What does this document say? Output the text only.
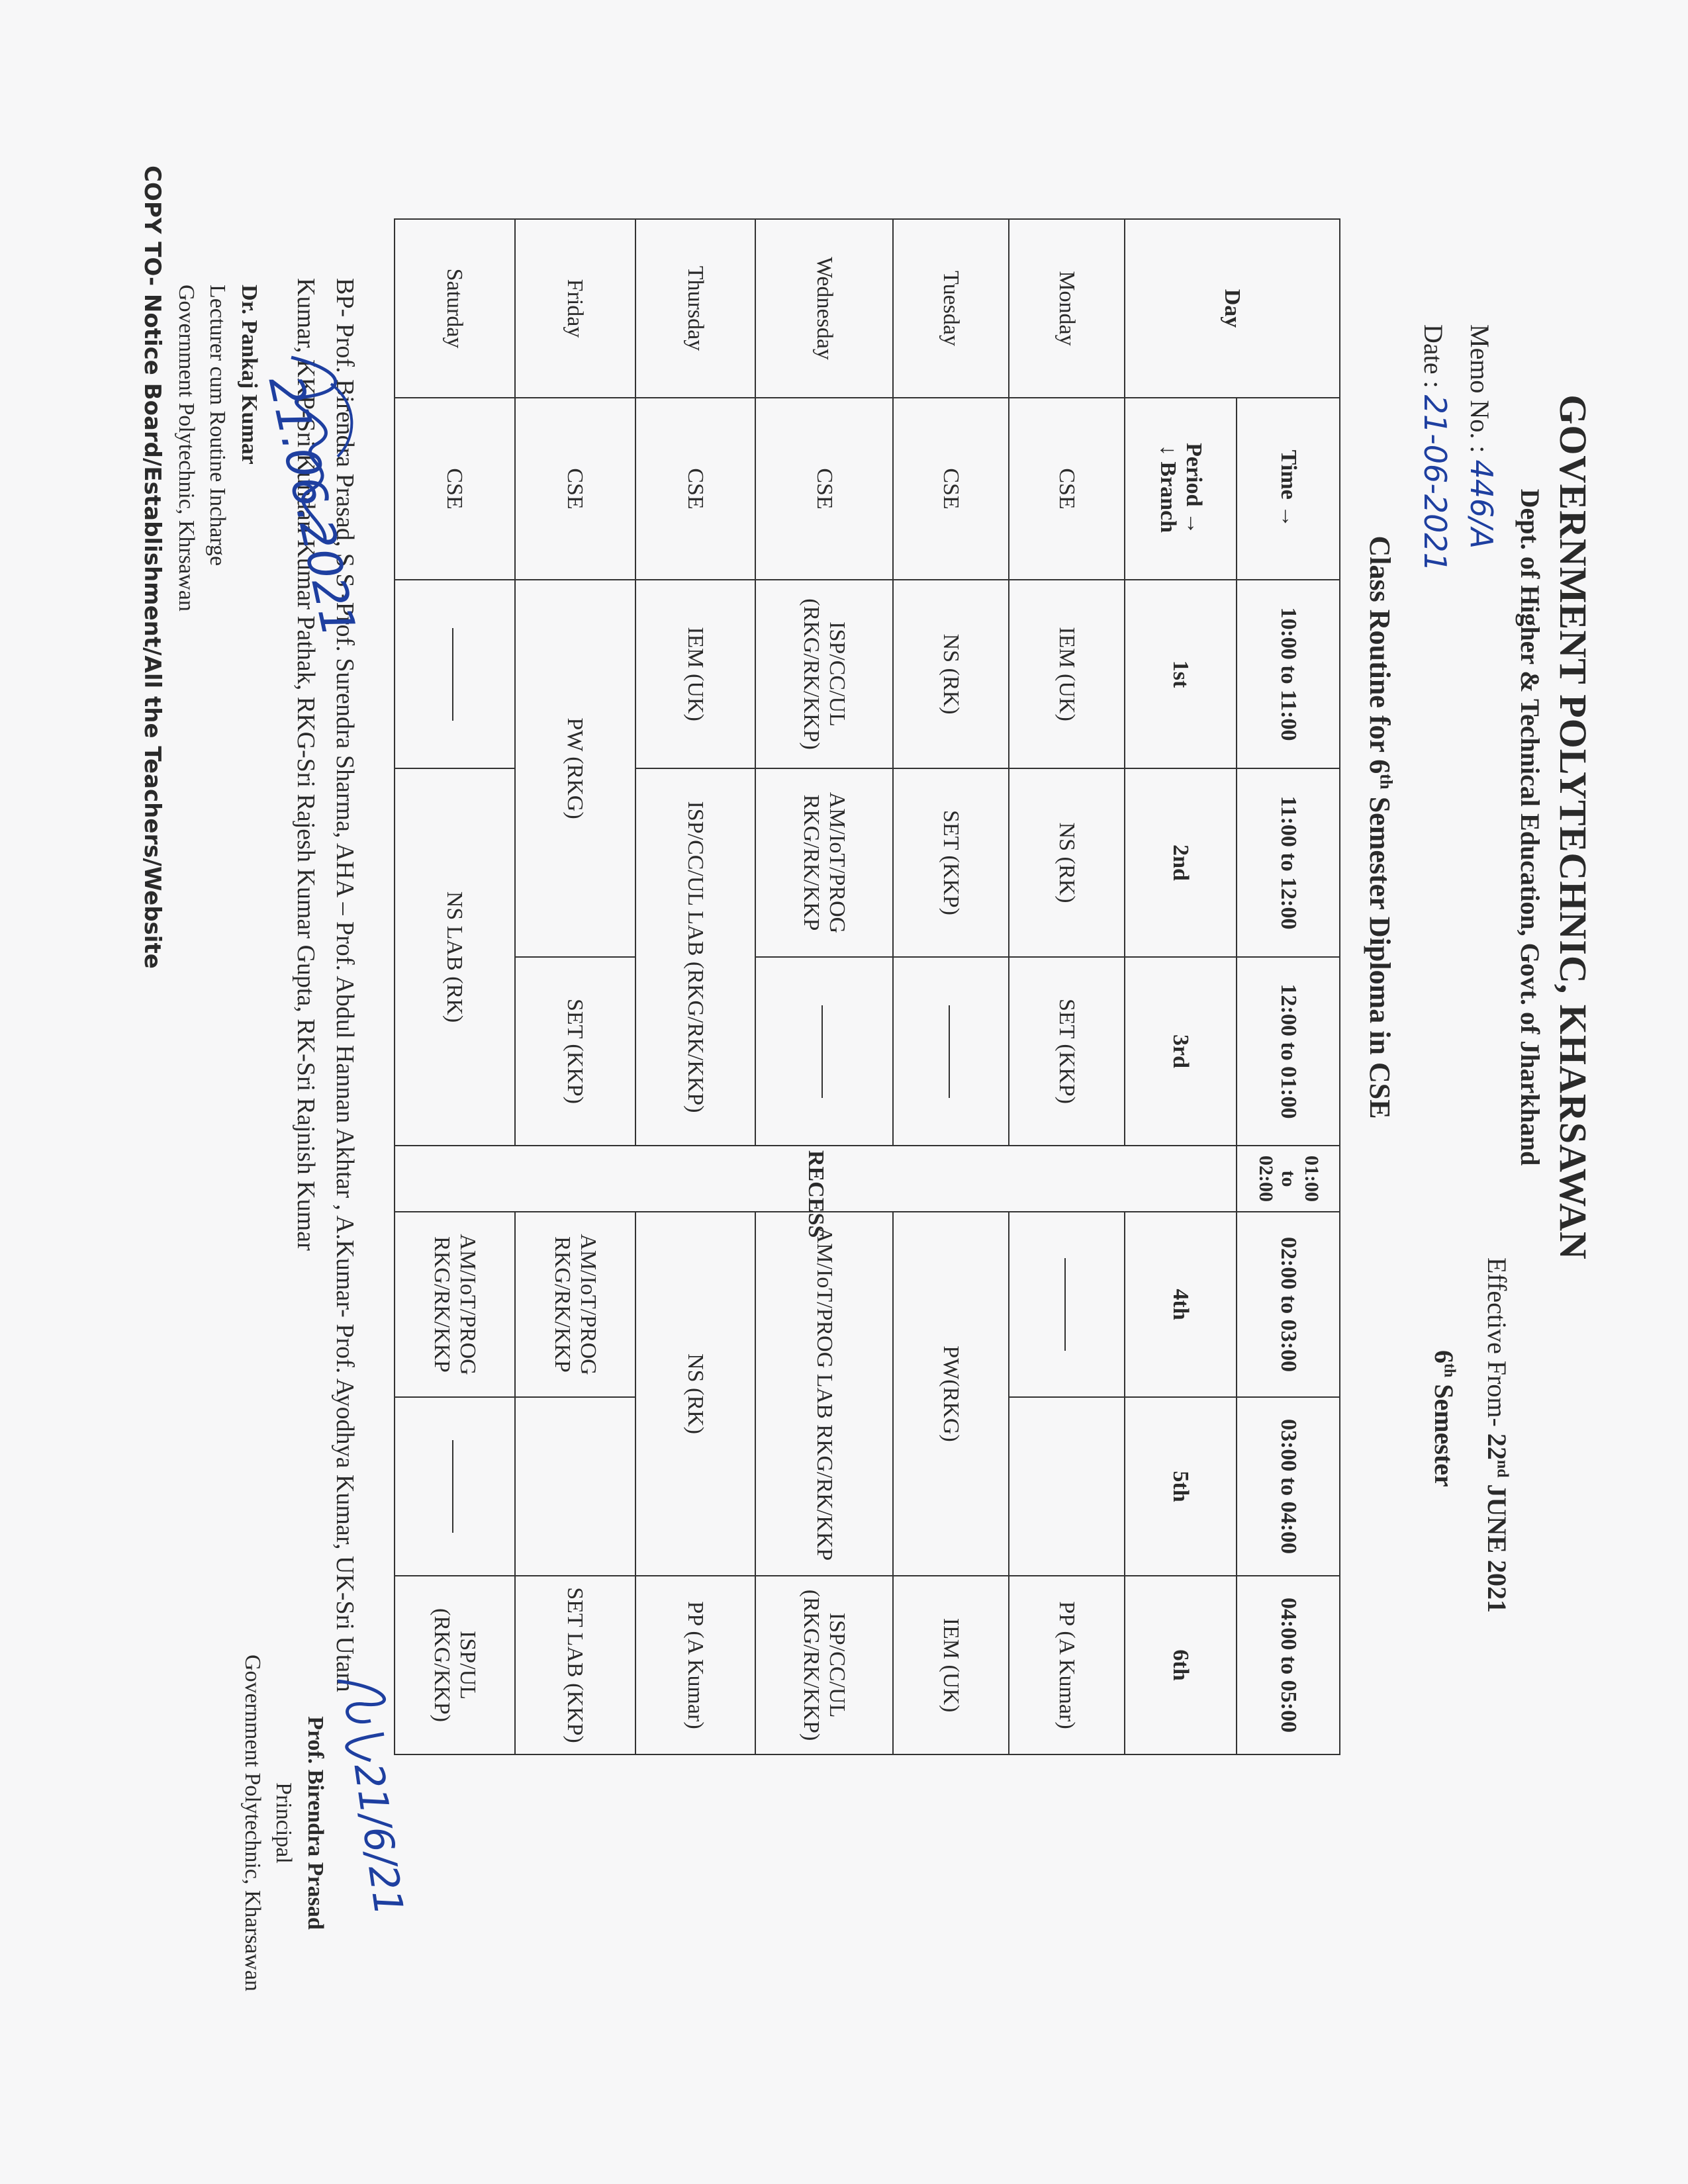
GOVERNMENT POLYTECHNIC, KHARSAWAN
Dept. of Higher & Technical Education, Govt. of Jharkhand
Memo No. : 446/A
Date : 21-06-2021
Effective From- 22nd JUNE 2021
6th Semester
Class Routine for 6th Semester Diploma in CSE
Day	Time →	10:00 to 11:00	11:00 to 12:00	12:00 to 01:00	01:00 to 02:00	02:00 to 03:00	03:00 to 04:00	04:00 to 05:00

	Period →
↓ Branch	1st	2nd	3rd	RECESS	4th	5th	6th
Monday	CSE	IEM (UK)	NS (RK)	SET (KKP)				PP (A Kumar)
Tuesday	CSE	NS (RK)	SET (KKP)			PW(RKG)		IEM (UK)
Wednesday	CSE	ISP/CC/UL (RKG/RK/KKP)	AM/IoT/PROG RKG/RK/KKP			AM/IoT/PROG LAB RKG/RK/KKP		ISP/CC/UL (RKG/RK/KKP)
Thursday	CSE	IEM (UK)	ISP/CC/UL LAB (RKG/RK/KKP)			NS (RK)		PP (A Kumar)
Friday	CSE	PW (RKG)		SET (KKP)		AM/IoT/PROG RKG/RK/KKP		SET LAB (KKP)
Saturday	CSE		NS LAB (RK)			AM/IoT/PROG RKG/RK/KKP		ISP/UL (RKG/KKP)
BP- Prof. Birendra Prasad, S S -Prof. Surendra Sharma, AHA – Prof. Abdul Hannan Akhtar , A.Kumar- Prof. Ayodhya Kumar, UK-Sri Utam Kumar, KKP-Sri Kundan Kumar Pathak, RKG-Sri Rajesh Kumar Gupta, RK-Sri Rajnish Kumar
21.06.2021
Dr. Pankaj Kumar
Lecturer cum Routine Incharge
Government Polytechnic, Khrsawan
21/6/21
Prof. Birendra Prasad
Principal
Government Polytechnic, Kharsawan
COPY TO- Notice Board/Establishment/All the Teachers/Website
